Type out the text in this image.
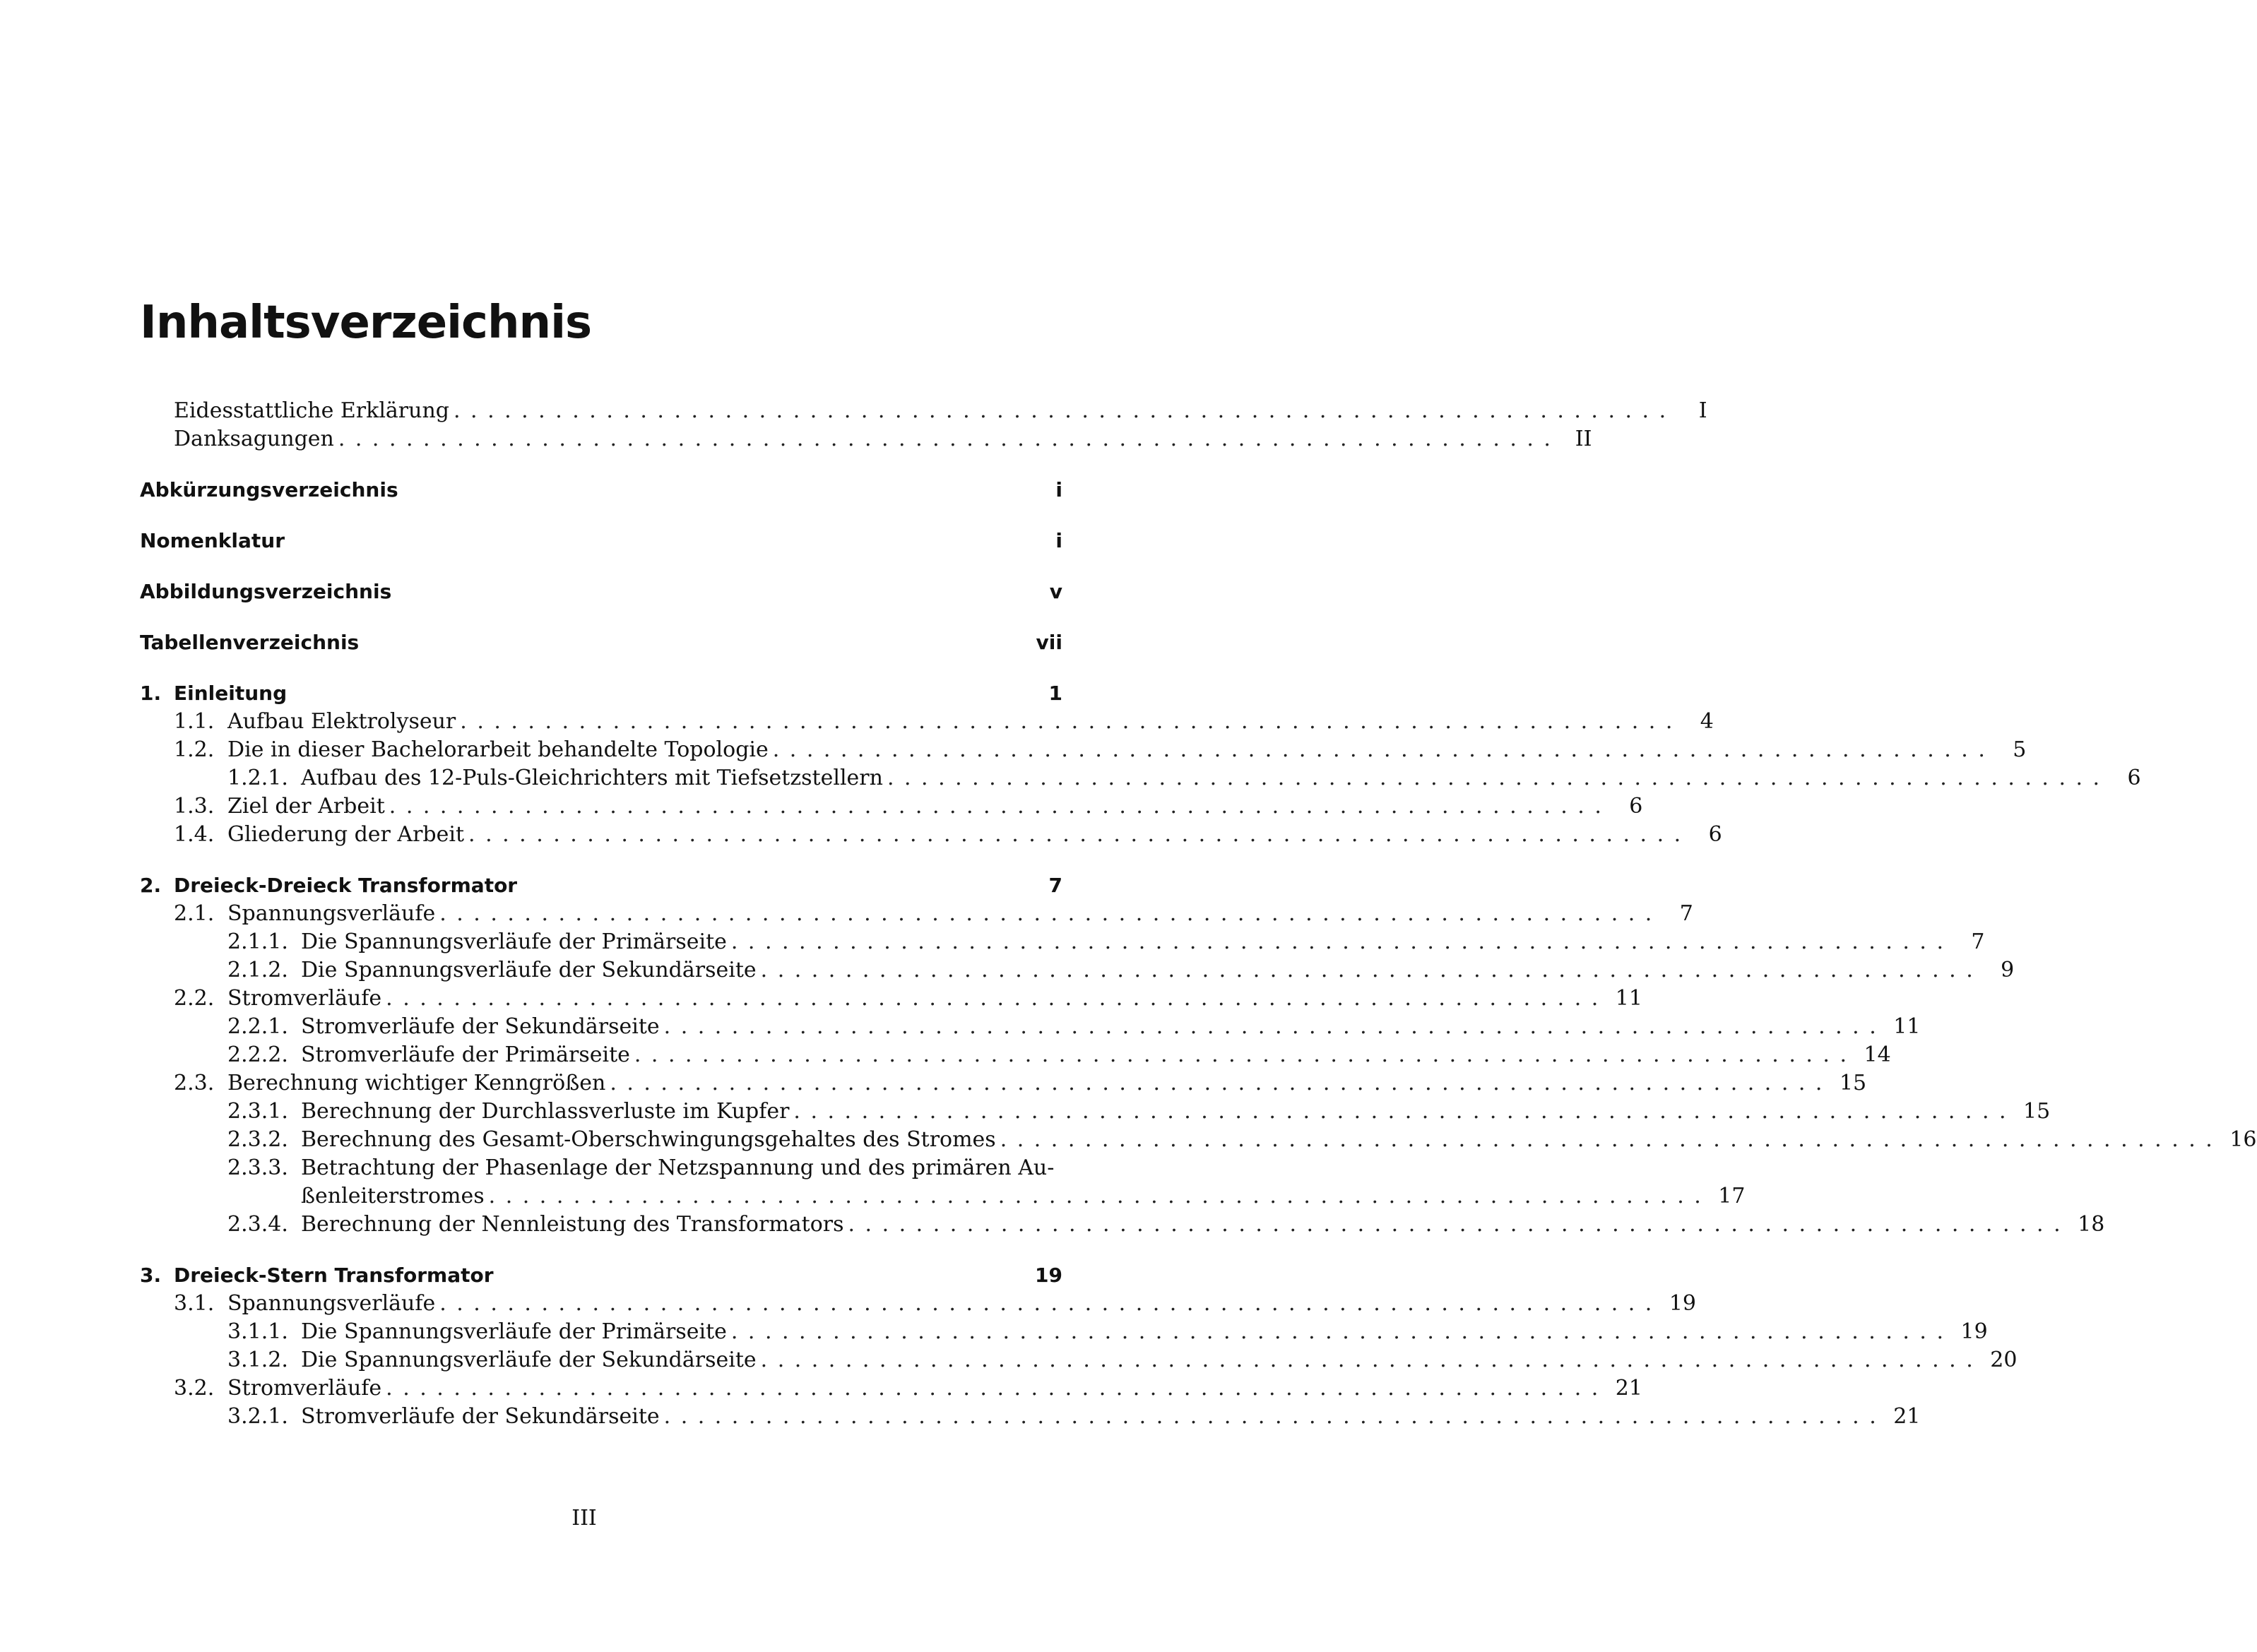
Inhaltsverzeichnis
Eidesstattliche Erklärung ........................................................................	I
Danksagungen ........................................................................ II
Abkürzungsverzeichnis	i
Nomenklatur	i
Abbildungsverzeichnis	v
Tabellenverzeichnis	vii
1. Einleitung	1
1.1. Aufbau Elektrolyseur ........................................................................ 4
1.2. Die in dieser Bachelorarbeit behandelte Topologie ........................................................................ 5
1.2.1. Aufbau des 12-Puls-Gleichrichters mit Tiefsetzstellern ........................................................................ 6
1.3. Ziel der Arbeit ........................................................................ 6
1.4. Gliederung der Arbeit ........................................................................ 6
2. Dreieck-Dreieck Transformator	7
2.1. Spannungsverläufe ........................................................................ 7
2.1.1. Die Spannungsverläufe der Primärseite ........................................................................ 7
2.1.2. Die Spannungsverläufe der Sekundärseite ........................................................................ 9
2.2. Stromverläufe ........................................................................ 11
2.2.1. Stromverläufe der Sekundärseite ........................................................................ 11
2.2.2. Stromverläufe der Primärseite ........................................................................ 14
2.3. Berechnung wichtiger Kenngrößen ........................................................................ 15
2.3.1. Berechnung der Durchlassverluste im Kupfer ........................................................................ 15
2.3.2. Berechnung des Gesamt-Oberschwingungsgehaltes des Stromes ........................................................................ 16
2.3.3. Betrachtung der Phasenlage der Netzspannung und des primären Au-
ßenleiterstromes ........................................................................ 17
2.3.4. Berechnung der Nennleistung des Transformators ........................................................................ 18
3. Dreieck-Stern Transformator	19
3.1. Spannungsverläufe ........................................................................ 19
3.1.1. Die Spannungsverläufe der Primärseite ........................................................................ 19
3.1.2. Die Spannungsverläufe der Sekundärseite ........................................................................ 20
3.2. Stromverläufe ........................................................................ 21
3.2.1. Stromverläufe der Sekundärseite ........................................................................ 21
III
